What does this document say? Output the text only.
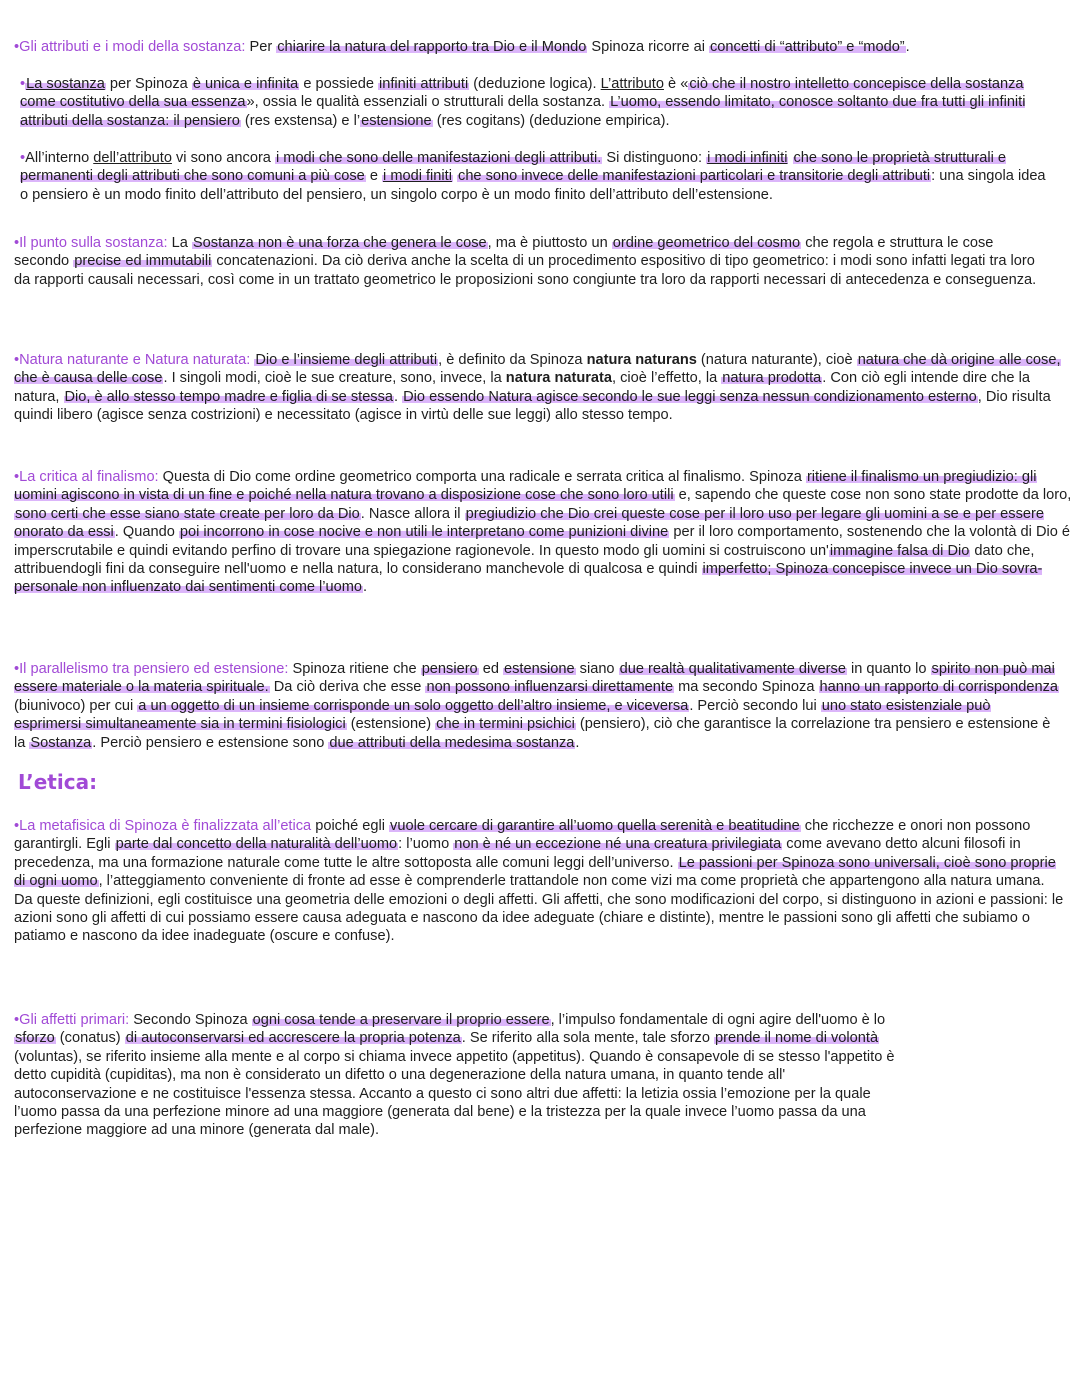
•Gli attributi e i modi della sostanza: Per chiarire la natura del rapporto tra Dio e il Mondo Spinoza ricorre ai concetti di “attributo” e “modo”.

•La sostanza per Spinoza è unica e infinita e possiede infiniti attributi (deduzione logica). L’attributo è «ciò che il nostro intelletto concepisce della sostanza come costitutivo della sua essenza», ossia le qualità essenziali o strutturali della sostanza. L’uomo, essendo limitato, conosce soltanto due fra tutti gli infiniti attributi della sostanza: il pensiero (res exstensa) e l’estensione (res cogitans) (deduzione empirica).

•All’interno dell’attributo vi sono ancora i modi che sono delle manifestazioni degli attributi. Si distinguono: i modi infiniti che sono le proprietà strutturali e permanenti degli attributi che sono comuni a più cose e i modi finiti che sono invece delle manifestazioni particolari e transitorie degli attributi: una singola idea o pensiero è un modo finito dell’attributo del pensiero, un singolo corpo è un modo finito dell’attributo dell’estensione.

•Il punto sulla sostanza: La Sostanza non è una forza che genera le cose, ma è piuttosto un ordine geometrico del cosmo che regola e struttura le cose secondo precise ed immutabili concatenazioni. Da ciò deriva anche la scelta di un procedimento espositivo di tipo geometrico: i modi sono infatti legati tra loro da rapporti causali necessari, così come in un trattato geometrico le proposizioni sono congiunte tra loro da rapporti necessari di antecedenza e conseguenza.

•Natura naturante e Natura naturata: Dio e l’insieme degli attributi, è definito da Spinoza natura naturans (natura naturante), cioè natura che dà origine alle cose, che è causa delle cose. I singoli modi, cioè le sue creature, sono, invece, la natura naturata, cioè l’effetto, la natura prodotta. Con ciò egli intende dire che la natura, Dio, è allo stesso tempo madre e figlia di se stessa. Dio essendo Natura agisce secondo le sue leggi senza nessun condizionamento esterno, Dio risulta quindi libero (agisce senza costrizioni) e necessitato (agisce in virtù delle sue leggi) allo stesso tempo.

•La critica al finalismo: Questa di Dio come ordine geometrico comporta una radicale e serrata critica al finalismo. Spinoza ritiene il finalismo un pregiudizio: gli uomini agiscono in vista di un fine e poiché nella natura trovano a disposizione cose che sono loro utili e, sapendo che queste cose non sono state prodotte da loro, sono certi che esse siano state create per loro da Dio. Nasce allora il pregiudizio che Dio crei queste cose per il loro uso per legare gli uomini a se e per essere onorato da essi. Quando poi incorrono in cose nocive e non utili le interpretano come punizioni divine per il loro comportamento, sostenendo che la volontà di Dio é imperscrutabile e quindi evitando perfino di trovare una spiegazione ragionevole. In questo modo gli uomini si costruiscono un'immagine falsa di Dio dato che, attribuendogli fini da conseguire nell'uomo e nella natura, lo considerano manchevole di qualcosa e quindi imperfetto; Spinoza concepisce invece un Dio sovra-personale non influenzato dai sentimenti come l’uomo.

•Il parallelismo tra pensiero ed estensione: Spinoza ritiene che pensiero ed estensione siano due realtà qualitativamente diverse in quanto lo spirito non può mai essere materiale o la materia spirituale. Da ciò deriva che esse non possono influenzarsi direttamente ma secondo Spinoza hanno un rapporto di corrispondenza (biunivoco) per cui a un oggetto di un insieme corrisponde un solo oggetto dell’altro insieme, e viceversa. Perciò secondo lui uno stato esistenziale può esprimersi simultaneamente sia in termini fisiologici (estensione) che in termini psichici (pensiero), ciò che garantisce la correlazione tra pensiero e estensione è la Sostanza. Perciò pensiero e estensione sono due attributi della medesima sostanza.

L’etica:

•La metafisica di Spinoza è finalizzata all’etica poiché egli vuole cercare di garantire all’uomo quella serenità e beatitudine che ricchezze e onori non possono garantirgli. Egli parte dal concetto della naturalità dell’uomo: l’uomo non è né un eccezione né una creatura privilegiata come avevano detto alcuni filosofi in precedenza, ma una formazione naturale come tutte le altre sottoposta alle comuni leggi dell’universo. Le passioni per Spinoza sono universali, cioè sono proprie di ogni uomo, l’atteggiamento conveniente di fronte ad esse è comprenderle trattandole non come vizi ma come proprietà che appartengono alla natura umana. Da queste definizioni, egli costituisce una geometria delle emozioni o degli affetti. Gli affetti, che sono modificazioni del corpo, si distinguono in azioni e passioni: le azioni sono gli affetti di cui possiamo essere causa adeguata e nascono da idee adeguate (chiare e distinte), mentre le passioni sono gli affetti che subiamo o patiamo e nascono da idee inadeguate (oscure e confuse).

•Gli affetti primari: Secondo Spinoza ogni cosa tende a preservare il proprio essere, l’impulso fondamentale di ogni agire dell'uomo è lo sforzo (conatus) di autoconservarsi ed accrescere la propria potenza. Se riferito alla sola mente, tale sforzo prende il nome di volontà (voluntas), se riferito insieme alla mente e al corpo si chiama invece appetito (appetitus). Quando è consapevole di se stesso l'appetito è detto cupidità (cupiditas), ma non è considerato un difetto o una degenerazione della natura umana, in quanto tende all' autoconservazione e ne costituisce l'essenza stessa. Accanto a questo ci sono altri due affetti: la letizia ossia l’emozione per la quale l’uomo passa da una perfezione minore ad una maggiore (generata dal bene) e la tristezza per la quale invece l’uomo passa da una perfezione maggiore ad una minore (generata dal male).
